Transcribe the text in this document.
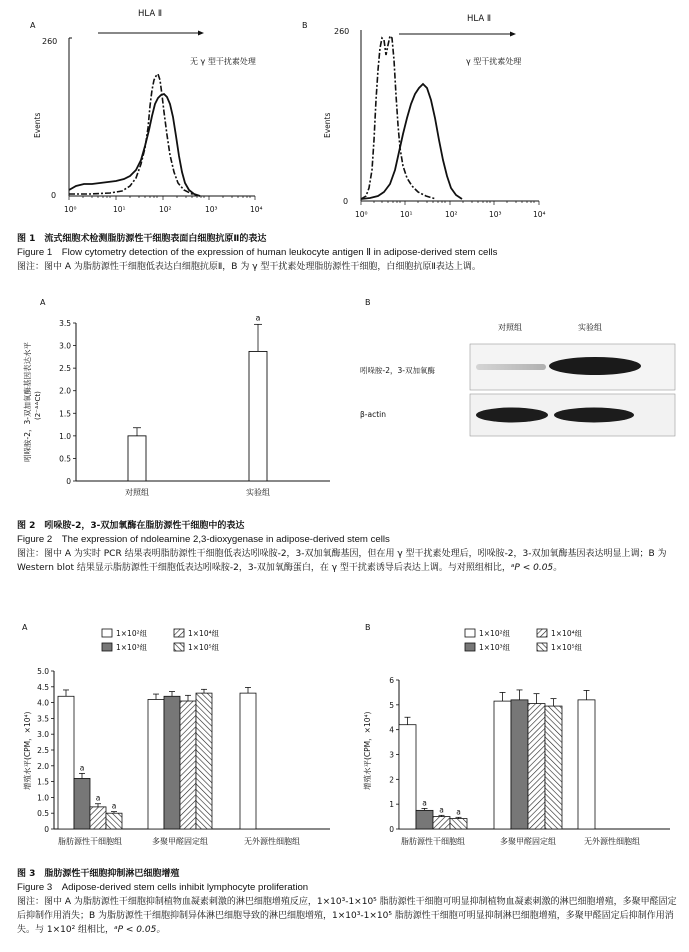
A
HLA Ⅱ
无 γ 型干扰素处理
260
0
Events
10⁰	10¹	10²	10³	10⁴
B
HLA Ⅱ
γ 型干扰素处理
260
0
Events
10⁰	10¹	10²	10³	10⁴
图 1　流式细胞术检测脂肪源性干细胞表面白细胞抗原Ⅱ的表达
A
吲哚胺-2，3-双加氧酶基因表达水平 (2⁻ᐞᐞCt)
0
0.5
1.0
1.5
2.0
2.5
3.0
3.5
对照组
a
实验组
B
对照组	实验组
吲哚胺-2，3-双加氧酶
β-actin
图 2　吲哚胺-2，3-双加氧酶在脂肪源性干细胞中的表达
A	B
1×10²组	1×10⁴组
1×10³组	1×10⁵组
1×10²组	1×10⁴组
1×10³组	1×10⁵组
增殖水平(CPM，×10⁴)	增殖水平(CPM，×10⁴)
0
0.5
1.0
1.5
2.0
2.5
3.0
3.5
4.0
4.5
5.0
a
a
a
脂肪源性干细胞组	多聚甲醛固定组	无外源性细胞组
0
1
2
3
4
5
6
a
a a
脂肪源性干细胞组	多聚甲醛固定组	无外源性细胞组
图 3　脂肪源性干细胞抑制淋巴细胞增殖
Figure 1　Flow cytometry detection of the expression of human leukocyte antigen Ⅱ in adipose-derived stem cells
图注：图中 A 为脂肪源性干细胞低表达白细胞抗原Ⅱ，B 为 γ 型干扰素处理脂肪源性干细胞，白细胞抗原Ⅱ表达上调。
Figure 2　The expression of ndoleamine 2,3-dioxygenase in adipose-derived stem cells
图注：图中 A 为实时 PCR 结果表明脂肪源性干细胞低表达吲哚胺-2，3-双加氧酶基因，但在用 γ 型干扰素处理后，吲哚胺-2，3-双加氧酶基因表达明显上调；B 为 Western blot 结果显示脂肪源性干细胞低表达吲哚胺-2，3-双加氧酶蛋白，在 γ 型干扰素诱导后表达上调。与对照组相比，ᵃP < 0.05。
Figure 3　Adipose-derived stem cells inhibit lymphocyte proliferation
图注：图中 A 为脂肪源性干细胞抑制植物血凝素刺激的淋巴细胞增殖反应，1×10³-1×10⁵ 脂肪源性干细胞可明显抑制植物血凝素刺激的淋巴细胞增殖，多聚甲醛固定后抑制作用消失；B 为脂肪源性干细胞抑制异体淋巴细胞导致的淋巴细胞增殖，1×10³-1×10⁵ 脂肪源性干细胞可明显抑制淋巴细胞增殖，多聚甲醛固定后抑制作用消失。与 1×10² 组相比，ᵃP < 0.05。
